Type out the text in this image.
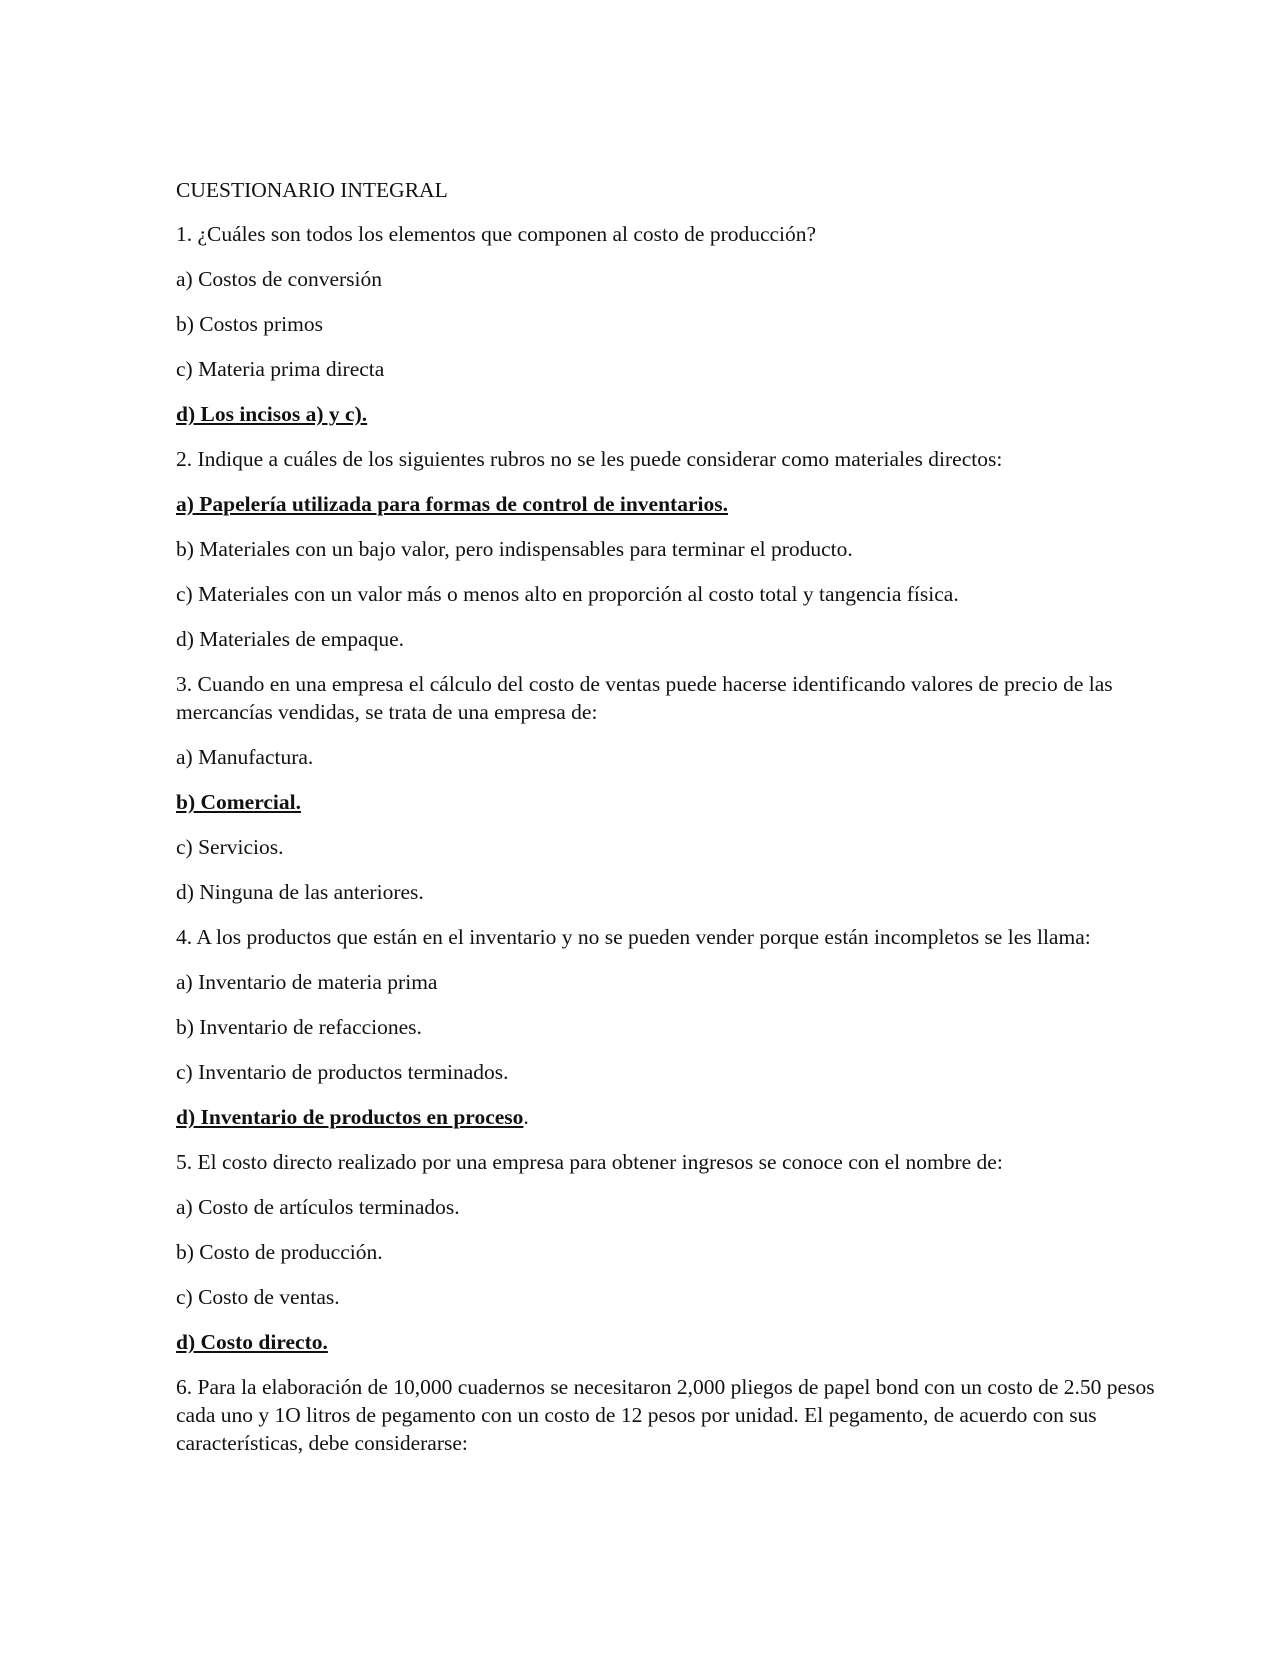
CUESTIONARIO INTEGRAL

1. ¿Cuáles son todos los elementos que componen al costo de producción?

a) Costos de conversión

b) Costos primos

c) Materia prima directa

d) Los incisos a) y c).

2. Indique a cuáles de los siguientes rubros no se les puede considerar como materiales directos:

a) Papelería utilizada para formas de control de inventarios.

b) Materiales con un bajo valor, pero indispensables para terminar el producto.

c) Materiales con un valor más o menos alto en proporción al costo total y tangencia física.

d) Materiales de empaque.

3. Cuando en una empresa el cálculo del costo de ventas puede hacerse identificando valores de precio de las mercancías vendidas, se trata de una empresa de:

a) Manufactura.

b) Comercial.

c) Servicios.

d) Ninguna de las anteriores.

4. A los productos que están en el inventario y no se pueden vender porque están incompletos se les llama:

a) Inventario de materia prima

b) Inventario de refacciones.

c) Inventario de productos terminados.

d) Inventario de productos en proceso.

5. El costo directo realizado por una empresa para obtener ingresos se conoce con el nombre de:

a) Costo de artículos terminados.

b) Costo de producción.

c) Costo de ventas.

d) Costo directo.

6. Para la elaboración de 10,000 cuadernos se necesitaron 2,000 pliegos de papel bond con un costo de 2.50 pesos cada uno y 1O litros de pegamento con un costo de 12 pesos por unidad. El pegamento, de acuerdo con sus características, debe considerarse:
